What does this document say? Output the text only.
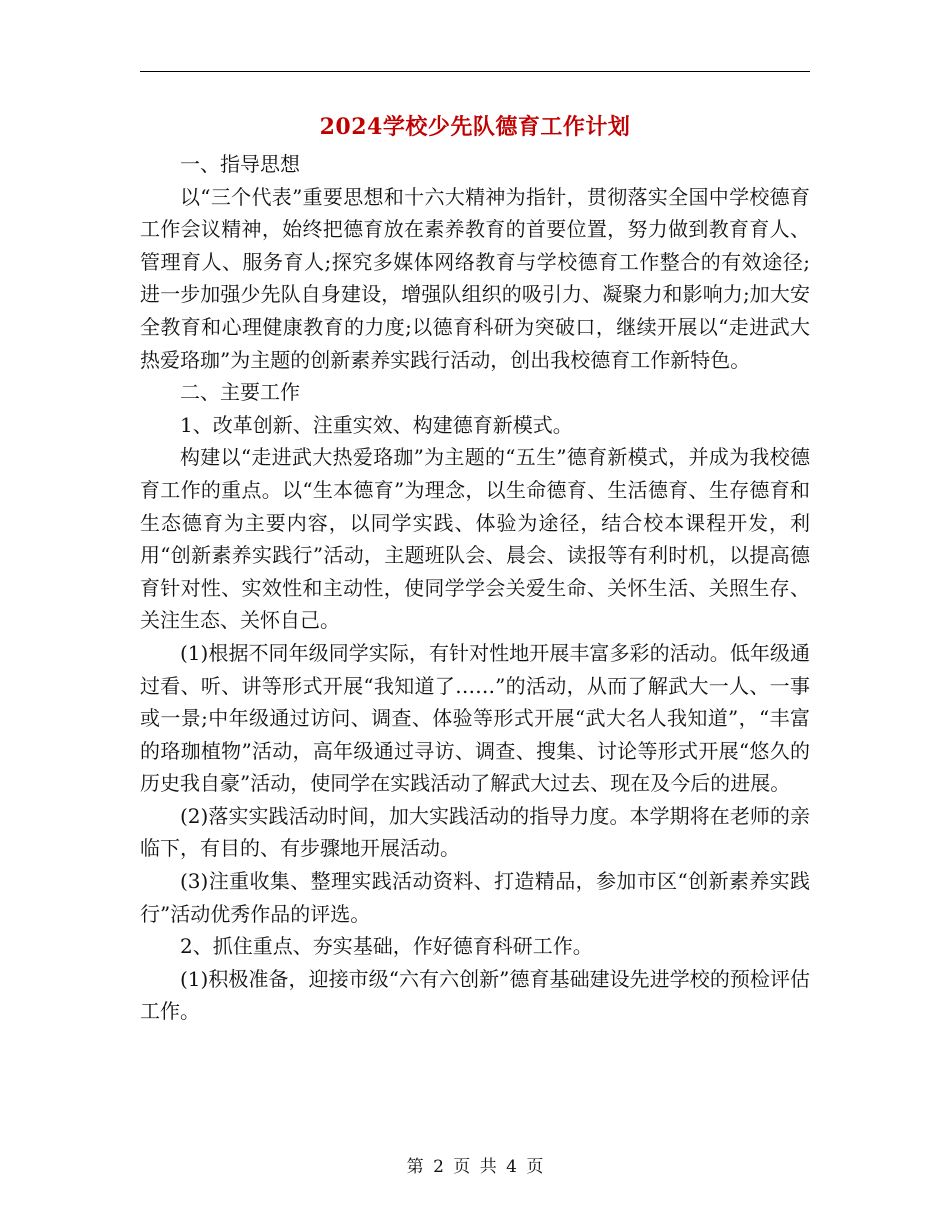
2024学校少先队德育工作计划

一、指导思想

以“三个代表”重要思想和十六大精神为指针，贯彻落实全国中学校德育工作会议精神，始终把德育放在素养教育的首要位置，努力做到教育育人、管理育人、服务育人;探究多媒体网络教育与学校德育工作整合的有效途径;进一步加强少先队自身建设，增强队组织的吸引力、凝聚力和影响力;加大安全教育和心理健康教育的力度;以德育科研为突破口，继续开展以“走进武大热爱珞珈”为主题的创新素养实践行活动，创出我校德育工作新特色。

二、主要工作

1、改革创新、注重实效、构建德育新模式。

构建以“走进武大热爱珞珈”为主题的“五生”德育新模式，并成为我校德育工作的重点。以“生本德育”为理念，以生命德育、生活德育、生存德育和生态德育为主要内容，以同学实践、体验为途径，结合校本课程开发，利用“创新素养实践行”活动，主题班队会、晨会、读报等有利时机，以提高德育针对性、实效性和主动性，使同学学会关爱生命、关怀生活、关照生存、关注生态、关怀自己。

(1)根据不同年级同学实际，有针对性地开展丰富多彩的活动。低年级通过看、听、讲等形式开展“我知道了……”的活动，从而了解武大一人、一事或一景;中年级通过访问、调查、体验等形式开展“武大名人我知道”，“丰富的珞珈植物”活动，高年级通过寻访、调查、搜集、讨论等形式开展“悠久的历史我自豪”活动，使同学在实践活动了解武大过去、现在及今后的进展。

(2)落实实践活动时间，加大实践活动的指导力度。本学期将在老师的亲临下，有目的、有步骤地开展活动。

(3)注重收集、整理实践活动资料、打造精品，参加市区“创新素养实践行”活动优秀作品的评选。

2、抓住重点、夯实基础，作好德育科研工作。

(1)积极准备，迎接市级“六有六创新”德育基础建设先进学校的预检评估工作。

第 2 页 共 4 页
